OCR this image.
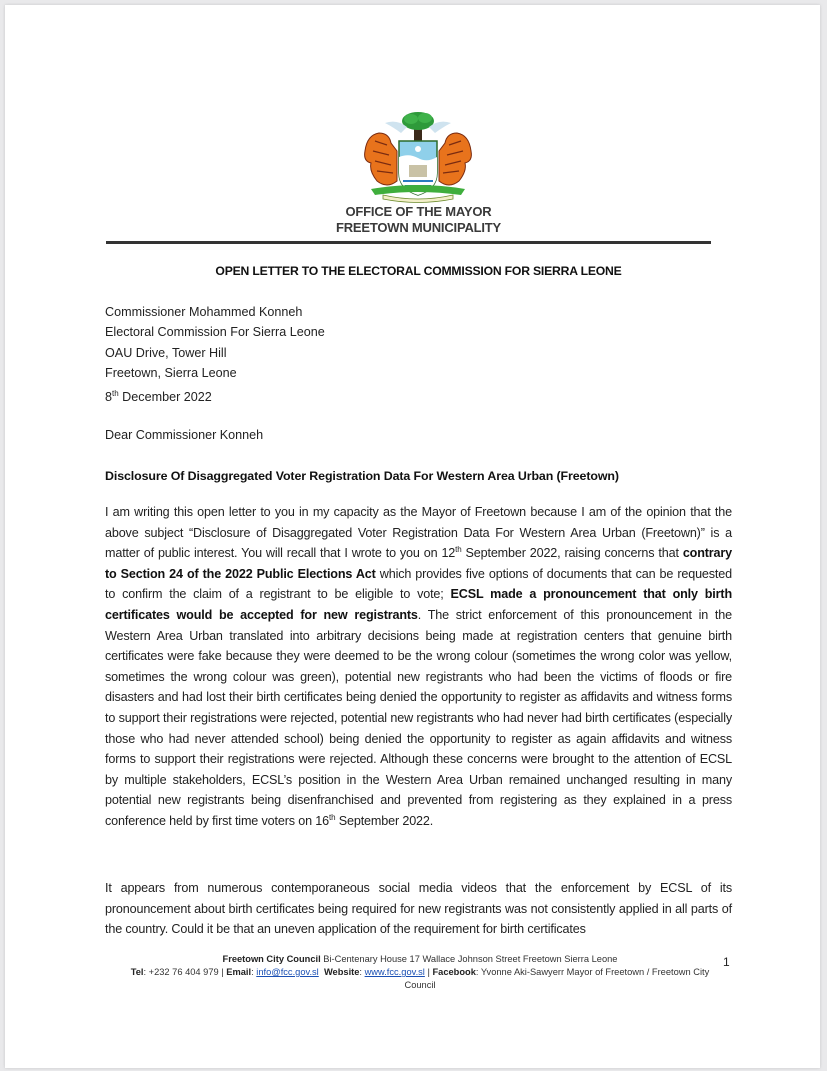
OFFICE OF THE MAYOR
FREETOWN MUNICIPALITY
OPEN LETTER TO THE ELECTORAL COMMISSION FOR SIERRA LEONE
Commissioner Mohammed Konneh
Electoral Commission For Sierra Leone
OAU Drive, Tower Hill
Freetown, Sierra Leone
8th December 2022
Dear Commissioner Konneh
Disclosure Of Disaggregated Voter Registration Data For Western Area Urban (Freetown)
I am writing this open letter to you in my capacity as the Mayor of Freetown because I am of the opinion that the above subject “Disclosure of Disaggregated Voter Registration Data For Western Area Urban (Freetown)” is a matter of public interest. You will recall that I wrote to you on 12th September 2022, raising concerns that contrary to Section 24 of the 2022 Public Elections Act which provides five options of documents that can be requested to confirm the claim of a registrant to be eligible to vote; ECSL made a pronouncement that only birth certificates would be accepted for new registrants. The strict enforcement of this pronouncement in the Western Area Urban translated into arbitrary decisions being made at registration centers that genuine birth certificates were fake because they were deemed to be the wrong colour (sometimes the wrong color was yellow, sometimes the wrong colour was green), potential new registrants who had been the victims of floods or fire disasters and had lost their birth certificates being denied the opportunity to register as affidavits and witness forms to support their registrations were rejected, potential new registrants who had never had birth certificates (especially those who had never attended school) being denied the opportunity to register as again affidavits and witness forms to support their registrations were rejected. Although these concerns were brought to the attention of ECSL by multiple stakeholders, ECSL’s position in the Western Area Urban remained unchanged resulting in many potential new registrants being disenfranchised and prevented from registering as they explained in a press conference held by first time voters on 16th September 2022.
It appears from numerous contemporaneous social media videos that the enforcement by ECSL of its pronouncement about birth certificates being required for new registrants was not consistently applied in all parts of the country. Could it be that an uneven application of the requirement for birth certificates
Freetown City Council Bi-Centenary House 17 Wallace Johnson Street Freetown Sierra Leone
Tel: +232 76 404 979 | Email: info@fcc.gov.sl Website: www.fcc.gov.sl | Facebook: Yvonne Aki-Sawyerr Mayor of Freetown / Freetown City Council
1
